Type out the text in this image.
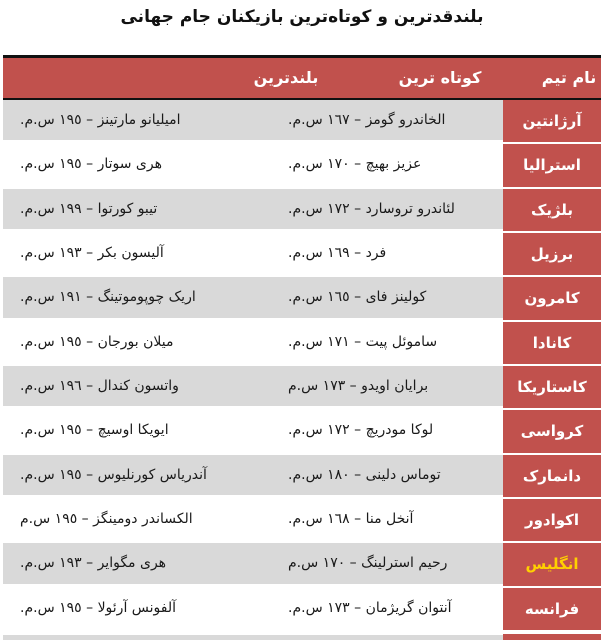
بلندقدترین و کوتاه‌ترین بازیکنان جام جهانی
نام تیم
کوتاه ترین
بلندترین
آرژانتین
الخاندرو گومز – ١٦٧ س.م.
امیلیانو مارتینز – ١٩٥ س.م.
استرالیا
عزیز بهیچ – ١٧٠ س.م.
هری سوتار – ١٩٥ س.م.
بلژیک
لئاندرو تروسارد – ١٧٢ س.م.
تیبو کورتوا – ١٩٩ س.م.
برزیل
فرد – ١٦٩ س.م.
آلیسون بکر – ١٩٣ س.م.
کامرون
کولینز فای – ١٦٥ س.م.
اریک چوپوموتینگ – ١٩١ س.م.
کانادا
ساموئل پیت – ١٧١ س.م.
میلان بورجان – ١٩٥ س.م.
کاستاریکا
برایان اویدو – ١٧٣ س.م
واتسون کندال – ١٩٦ س.م.
کرواسی
لوکا مودریچ – ١٧٢ س.م.
ایویکا اوسیچ – ١٩٥ س.م.
دانمارک
توماس دلینی – ١٨٠ س.م.
آندریاس کورنلیوس – ١٩٥ س.م.
اکوادور
آنخل منا – ١٦٨ س.م.
الکساندر دومینگز – ١٩٥ س.م
انگلیس
رحیم استرلینگ – ١٧٠ س.م
هری مگوایر – ١٩٣ س.م.
فرانسه
آنتوان گریژمان – ١٧٣ س.م.
آلفونس آرئولا – ١٩٥ س.م.
